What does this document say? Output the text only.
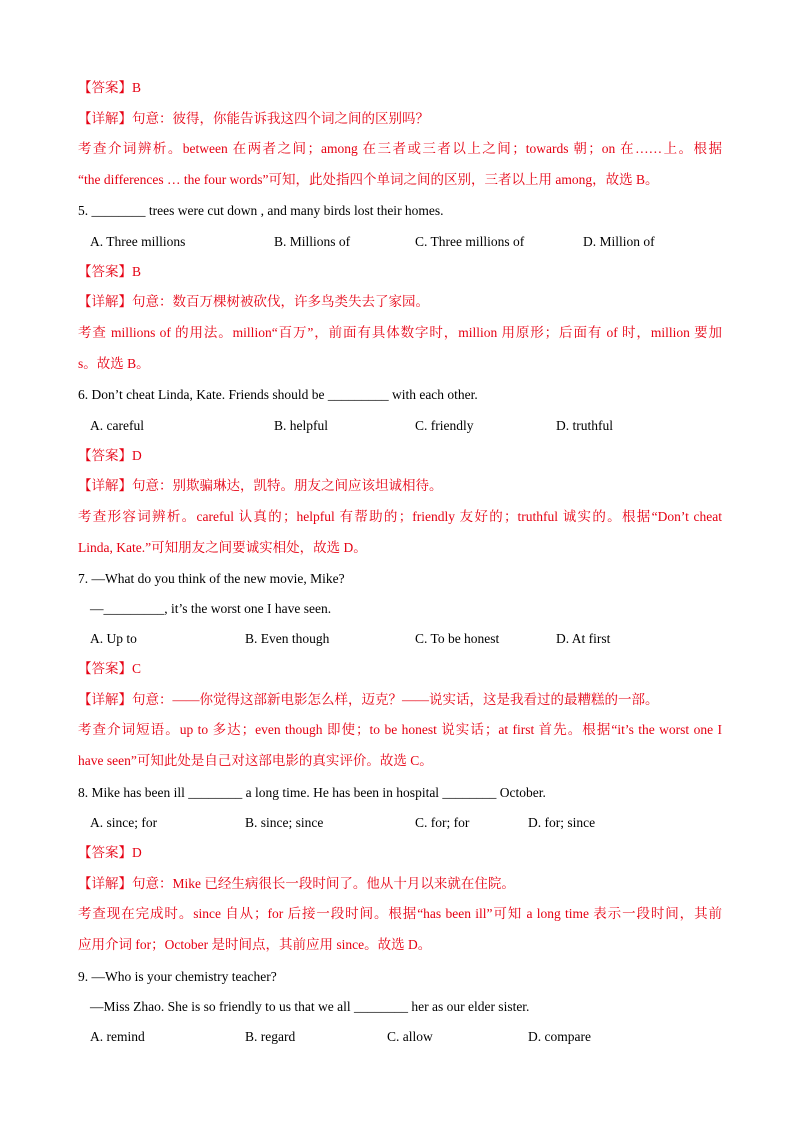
【答案】B
【详解】句意：彼得，你能告诉我这四个词之间的区别吗？
考查介词辨析。between 在两者之间；among 在三者或三者以上之间；towards 朝；on 在……上。根据
“the differences … the four words”可知，此处指四个单词之间的区别，三者以上用 among，故选 B。
5. ________ trees were cut down , and many birds lost their homes.
A. Three millions	B. Millions of	C. Three millions of	D. Million of
【答案】B
【详解】句意：数百万棵树被砍伐，许多鸟类失去了家园。
考查 millions of 的用法。million“百万”，前面有具体数字时，million 用原形；后面有 of 时，million 要加
s。故选 B。
6. Don’t cheat Linda, Kate. Friends should be _________ with each other.
A. careful	B. helpful	C. friendly	D. truthful
【答案】D
【详解】句意：别欺骗琳达，凯特。朋友之间应该坦诚相待。
考查形容词辨析。careful 认真的；helpful 有帮助的；friendly 友好的；truthful 诚实的。根据“Don’t cheat
Linda, Kate.”可知朋友之间要诚实相处，故选 D。
7. —What do you think of the new movie, Mike?
—_________, it’s the worst one I have seen.
A. Up to	B. Even though	C. To be honest	D. At first
【答案】C
【详解】句意：——你觉得这部新电影怎么样，迈克？——说实话，这是我看过的最糟糕的一部。
考查介词短语。up to 多达；even though 即使；to be honest 说实话；at first 首先。根据“it’s the worst one I
have seen”可知此处是自己对这部电影的真实评价。故选 C。
8. Mike has been ill ________ a long time. He has been in hospital ________ October.
A. since; for	B. since; since	C. for; for	D. for; since
【答案】D
【详解】句意：Mike 已经生病很长一段时间了。他从十月以来就在住院。
考查现在完成时。since 自从；for 后接一段时间。根据“has been ill”可知 a long time 表示一段时间，其前
应用介词 for；October 是时间点，其前应用 since。故选 D。
9. —Who is your chemistry teacher?
—Miss Zhao. She is so friendly to us that we all ________ her as our elder sister.
A. remind	B. regard	C. allow	D. compare
